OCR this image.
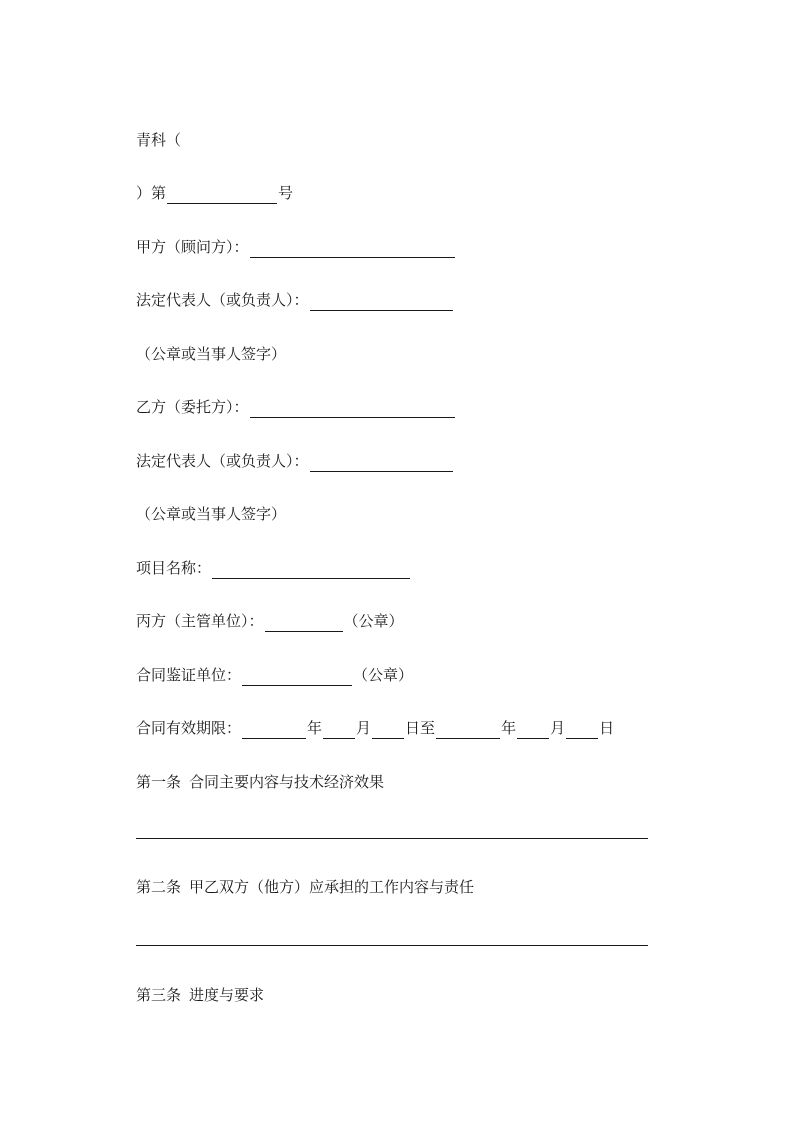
青科（
）第	号
甲方（顾问方）：
法定代表人（或负责人）：
（公章或当事人签字）
乙方（委托方）：
法定代表人（或负责人）：
（公章或当事人签字）
项目名称：
丙方（主管单位）：	（公章）
合同鉴证单位：	（公章）
合同有效期限：	年 月 日至	年 月 日
第一条 合同主要内容与技术经济效果
第二条 甲乙双方（他方）应承担的工作内容与责任
第三条 进度与要求
